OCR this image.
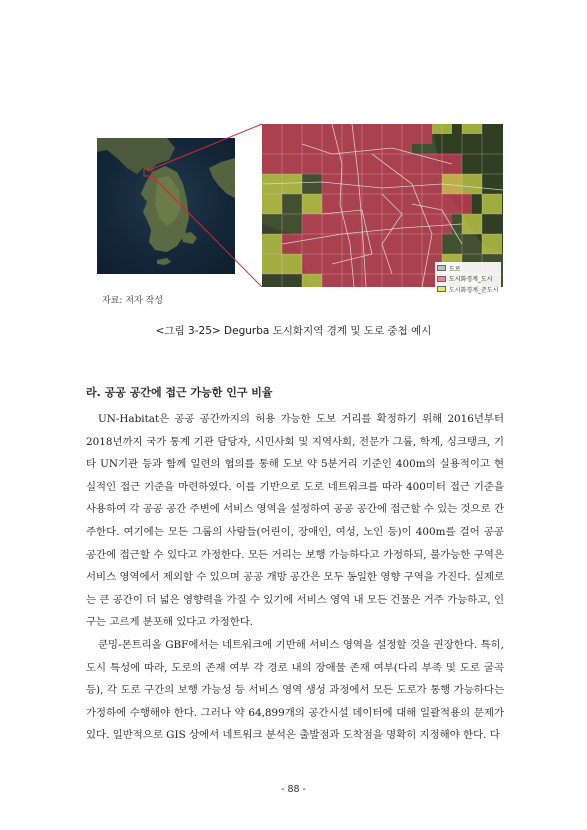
도로
도시화경계_도시
도시화경계_준도시
자료: 저자 작성
<그림 3-25> Degurba 도시화지역 경계 및 도로 중첩 예시
라. 공공 공간에 접근 가능한 인구 비율

UN-Habitat은 공공 공간까지의 허용 가능한 도보 거리를 확정하기 위해 2016년부터 2018년까지 국가 통계 기관 담당자, 시민사회 및 지역사회, 전문가 그룹, 학계, 싱크탱크, 기타 UN기관 등과 함께 일련의 협의를 통해 도보 약 5분거리 기준인 400m의 실용적이고 현실적인 접근 기준을 마련하였다. 이를 기반으로 도로 네트워크를 따라 400미터 접근 기준을 사용하여 각 공공 공간 주변에 서비스 영역을 설정하여 공공 공간에 접근할 수 있는 것으로 간주한다. 여기에는 모든 그룹의 사람들(어린이, 장애인, 여성, 노인 등)이 400m를 걸어 공공 공간에 접근할 수 있다고 가정한다. 모든 거리는 보행 가능하다고 가정하되, 불가능한 구역은 서비스 영역에서 제외할 수 있으며 공공 개방 공간은 모두 동일한 영향 구역을 가진다. 실제로는 큰 공간이 더 넓은 영향력을 가질 수 있기에 서비스 영역 내 모든 건물은 거주 가능하고, 인구는 고르게 분포해 있다고 가정한다.

쿤밍-몬트리올 GBF에서는 네트워크에 기반해 서비스 영역을 설정할 것을 권장한다. 특히, 도시 특성에 따라, 도로의 존재 여부 각 경로 내의 장애물 존재 여부(다리 부족 및 도로 굴곡 등), 각 도로 구간의 보행 가능성 등 서비스 영역 생성 과정에서 모든 도로가 통행 가능하다는 가정하에 수행해야 한다. 그러나 약 64,899개의 공간시설 데이터에 대해 일괄적용의 문제가 있다. 일반적으로 GIS 상에서 네트워크 분석은 출발점과 도착점을 명확히 지정해야 한다. 다

- 88 -
